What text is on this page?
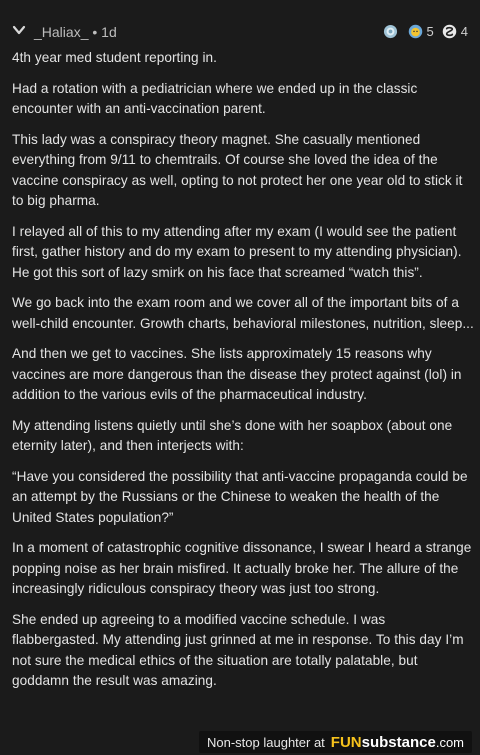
_Haliax_ • 1d	5 4

4th year med student reporting in.

Had a rotation with a pediatrician where we ended up in the classic encounter with an anti-vaccination parent.

This lady was a conspiracy theory magnet. She casually mentioned everything from 9/11 to chemtrails. Of course she loved the idea of the vaccine conspiracy as well, opting to not protect her one year old to stick it to big pharma.

I relayed all of this to my attending after my exam (I would see the patient first, gather history and do my exam to present to my attending physician). He got this sort of lazy smirk on his face that screamed “watch this”.

We go back into the exam room and we cover all of the important bits of a well-child encounter. Growth charts, behavioral milestones, nutrition, sleep...

And then we get to vaccines. She lists approximately 15 reasons why vaccines are more dangerous than the disease they protect against (lol) in addition to the various evils of the pharmaceutical industry.

My attending listens quietly until she’s done with her soapbox (about one eternity later), and then interjects with:

“Have you considered the possibility that anti-vaccine propaganda could be an attempt by the Russians or the Chinese to weaken the health of the United States population?”

In a moment of catastrophic cognitive dissonance, I swear I heard a strange popping noise as her brain misfired. It actually broke her. The allure of the increasingly ridiculous conspiracy theory was just too strong.

She ended up agreeing to a modified vaccine schedule. I was flabbergasted. My attending just grinned at me in response. To this day I’m not sure the medical ethics of the situation are totally palatable, but goddamn the result was amazing.

Non-stop laughter at FUN substance .com
